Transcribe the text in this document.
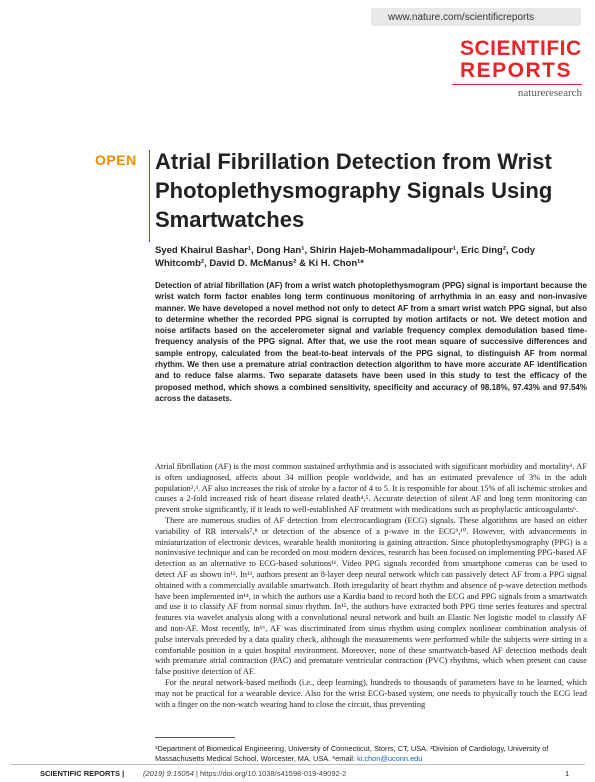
www.nature.com/scientificreports
SCIENTIFIC
REPORTS
natureresearch
OPEN Atrial Fibrillation Detection from Wrist Photoplethysmography Signals Using Smartwatches

Syed Khairul Bashar¹, Dong Han¹, Shirin Hajeb-Mohammadalipour¹, Eric Ding², Cody Whitcomb², David D. McManus² & Ki H. Chon¹*

Detection of atrial fibrillation (AF) from a wrist watch photoplethysmogram (PPG) signal is important because the wrist watch form factor enables long term continuous monitoring of arrhythmia in an easy and non-invasive manner. We have developed a novel method not only to detect AF from a smart wrist watch PPG signal, but also to determine whether the recorded PPG signal is corrupted by motion artifacts or not. We detect motion and noise artifacts based on the accelerometer signal and variable frequency complex demodulation based time-frequency analysis of the PPG signal. After that, we use the root mean square of successive differences and sample entropy, calculated from the beat-to-beat intervals of the PPG signal, to distinguish AF from normal rhythm. We then use a premature atrial contraction detection algorithm to have more accurate AF identification and to reduce false alarms. Two separate datasets have been used in this study to test the efficacy of the proposed method, which shows a combined sensitivity, specificity and accuracy of 98.18%, 97.43% and 97.54% across the datasets.

Atrial fibrillation (AF) is the most common sustained arrhythmia and is associated with significant morbidity and mortality¹. AF is often undiagnosed, affects about 34 million people worldwide, and has an estimated prevalence of 3% in the adult population²,³. AF also increases the risk of stroke by a factor of 4 to 5. It is responsible for about 15% of all ischemic strokes and causes a 2-fold increased risk of heart disease related death⁴,⁵. Accurate detection of silent AF and long term monitoring can prevent stroke significantly, if it leads to well-established AF treatment with medications such as prophylactic anticoagulants⁶.

There are numerous studies of AF detection from electrocardiogram (ECG) signals. These algorithms are based on either variability of RR intervals⁷,⁸ or detection of the absence of a p-wave in the ECG⁹,¹⁰. However, with advancements in miniaturization of electronic devices, wearable health monitoring is gaining attraction. Since photoplethysmography (PPG) is a noninvasive technique and can be recorded on most modern devices, research has been focused on implementing PPG-based AF detection as an alternative to ECG-based solutions¹¹. Video PPG signals recorded from smartphone cameras can be used to detect AF as shown in¹². In¹³, authors present an 8-layer deep neural network which can passively detect AF from a PPG signal obtained with a commercially available smartwatch. Both irregularity of heart rhythm and absence of p-wave detection methods have been implemented in¹⁴, in which the authors use a Kardia band to record both the ECG and PPG signals from a smartwatch and use it to classify AF from normal sinus rhythm. In¹⁵, the authors have extracted both PPG time series features and spectral features via wavelet analysis along with a convolutional neural network and built an Elastic Net logistic model to classify AF and non-AF. Most recently, in¹⁶, AF was discriminated from sinus rhythm using complex nonlinear combination analysis of pulse intervals preceded by a data quality check, although the measurements were performed while the subjects were sitting in a comfortable position in a quiet hospital environment. Moreover, none of these smartwatch-based AF detection methods dealt with premature atrial contraction (PAC) and premature ventricular contraction (PVC) rhythms, which when present can cause false positive detection of AF.

For the neural network-based methods (i.e., deep learning), hundreds to thousands of parameters have to be learned, which may not be practical for a wearable device. Also for the wrist ECG-based system, one needs to physically touch the ECG lead with a finger on the non-watch wearing hand to close the circuit, thus preventing

¹Department of Biomedical Engineering, University of Connecticut, Storrs, CT, USA. ²Division of Cardiology, University of Massachusetts Medical School, Worcester, MA, USA. *email: ki.chon@uconn.edu

SCIENTIFIC REPORTS |	(2019) 9:15054 | https://doi.org/10.1038/s41598-019-49092-2	1
